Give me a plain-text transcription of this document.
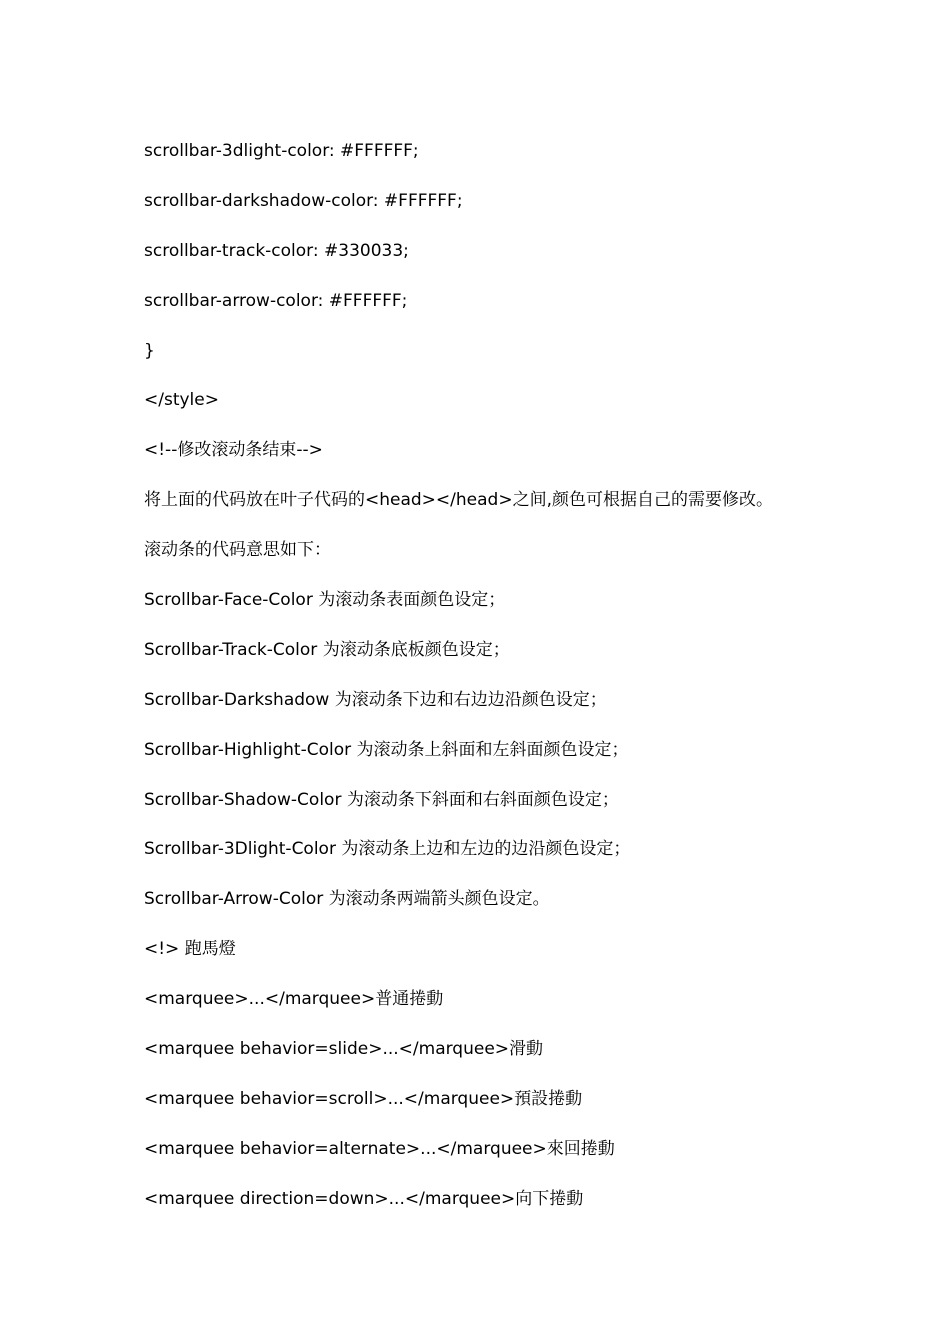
scrollbar-3dlight-color: #FFFFFF;
scrollbar-darkshadow-color: #FFFFFF;
scrollbar-track-color: #330033;
scrollbar-arrow-color: #FFFFFF;
}
</style>
<!--修改滚动条结束-->
将上面的代码放在叶子代码的<head></head>之间,颜色可根据自己的需要修改。
滚动条的代码意思如下：
Scrollbar-Face-Color 为滚动条表面颜色设定；
Scrollbar-Track-Color 为滚动条底板颜色设定；
Scrollbar-Darkshadow 为滚动条下边和右边边沿颜色设定；
Scrollbar-Highlight-Color 为滚动条上斜面和左斜面颜色设定；
Scrollbar-Shadow-Color 为滚动条下斜面和右斜面颜色设定；
Scrollbar-3Dlight-Color 为滚动条上边和左边的边沿颜色设定；
Scrollbar-Arrow-Color 为滚动条两端箭头颜色设定。
<!> 跑馬燈
<marquee>...</marquee>普通捲動
<marquee behavior=slide>...</marquee>滑動
<marquee behavior=scroll>...</marquee>預設捲動
<marquee behavior=alternate>...</marquee>來回捲動
<marquee direction=down>...</marquee>向下捲動
